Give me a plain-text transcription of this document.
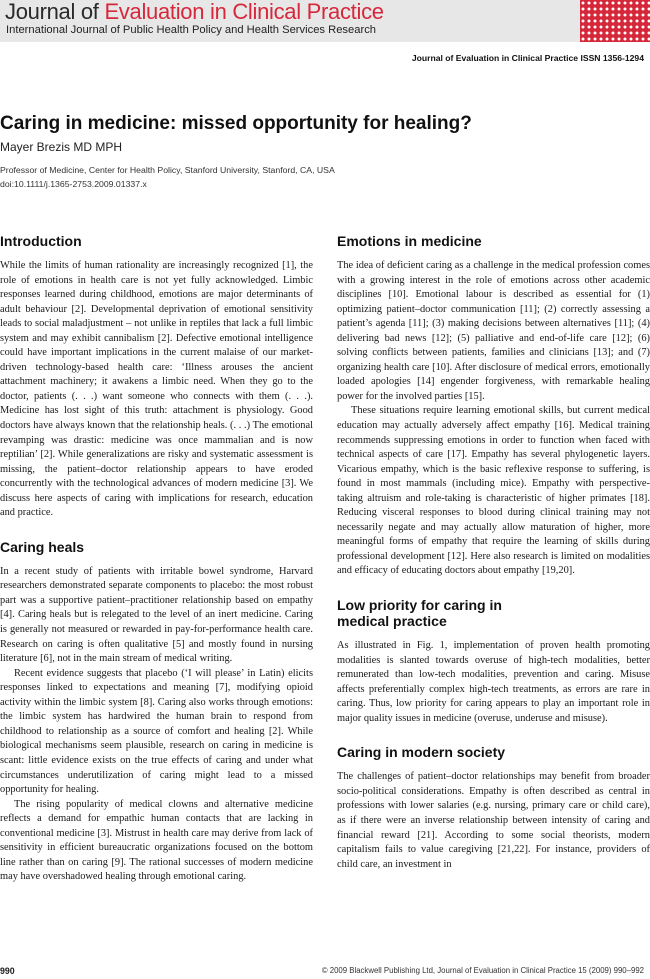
Journal of Evaluation in Clinical Practice
International Journal of Public Health Policy and Health Services Research
Journal of Evaluation in Clinical Practice ISSN 1356-1294
Caring in medicine: missed opportunity for healing?
Mayer Brezis MD MPH
Professor of Medicine, Center for Health Policy, Stanford University, Stanford, CA, USA
doi:10.1111/j.1365-2753.2009.01337.x
Introduction

While the limits of human rationality are increasingly recognized [1], the role of emotions in health care is not yet fully acknowledged. Limbic responses learned during childhood, emotions are major determinants of adult behaviour [2]. Developmental deprivation of emotional sensitivity leads to social maladjustment – not unlike in reptiles that lack a full limbic system and may exhibit cannibalism [2]. Defective emotional intelligence could have important implications in the current malaise of our market-driven technology-based health care: ‘Illness arouses the ancient attachment machinery; it awakens a limbic need. When they go to the doctor, patients (. . .) want someone who connects with them (. . .). Medicine has lost sight of this truth: attachment is physiology. Good doctors have always known that the relationship heals. (. . .) The emotional revamping was drastic: medicine was once mammalian and is now reptilian’ [2]. While generalizations are risky and systematic assessment is missing, the patient–doctor relationship appears to have eroded concurrently with the technological advances of modern medicine [3]. We discuss here aspects of caring with implications for research, education and practice.

Caring heals

In a recent study of patients with irritable bowel syndrome, Harvard researchers demonstrated separate components to placebo: the most robust part was a supportive patient–practitioner relationship based on empathy [4]. Caring heals but is relegated to the level of an inert medicine. Caring is generally not measured or rewarded in pay-for-performance health care. Research on caring is often qualitative [5] and mostly found in nursing literature [6], not in the main stream of medical writing.

Recent evidence suggests that placebo (‘I will please’ in Latin) elicits responses linked to expectations and meaning [7], modifying opioid activity within the limbic system [8]. Caring also works through emotions: the limbic system has hardwired the human brain to respond from childhood to relationship as a source of comfort and healing [2]. While biological mechanisms seem plausible, research on caring in medicine is scant: little evidence exists on the true effects of caring and under what circumstances underutilization of caring might lead to a missed opportunity for healing.

The rising popularity of medical clowns and alternative medicine reflects a demand for empathic human contacts that are lacking in conventional medicine [3]. Mistrust in health care may derive from lack of sensitivity in efficient bureaucratic organizations focused on the bottom line rather than on caring [9]. The rational successes of modern medicine may have overshadowed healing through emotional caring.

Emotions in medicine

The idea of deficient caring as a challenge in the medical profession comes with a growing interest in the role of emotions across other academic disciplines [10]. Emotional labour is described as essential for (1) optimizing patient–doctor communication [11]; (2) correctly assessing a patient’s agenda [11]; (3) making decisions between alternatives [11]; (4) delivering bad news [12]; (5) palliative and end-of-life care [12]; (6) solving conflicts between patients, families and clinicians [13]; and (7) organizing health care [10]. After disclosure of medical errors, emotionally loaded apologies [14] engender forgiveness, with remarkable healing power for the involved parties [15].

These situations require learning emotional skills, but current medical education may actually adversely affect empathy [16]. Medical training recommends suppressing emotions in order to function when faced with technical aspects of care [17]. Empathy has several phylogenetic layers. Vicarious empathy, which is the basic reflexive response to suffering, is found in most mammals (including mice). Empathy with perspective-taking altruism and role-taking is characteristic of higher primates [18]. Reducing visceral responses to blood during clinical training may not necessarily negate and may actually allow maturation of higher, more meaningful forms of empathy that require the learning of skills during professional development [12]. Here also research is limited on modalities and efficacy of educating doctors about empathy [19,20].

Low priority for caring in
medical practice

As illustrated in Fig. 1, implementation of proven health promoting modalities is slanted towards overuse of high-tech modalities, better remunerated than low-tech modalities, prevention and caring. Misuse affects preferentially complex high-tech treatments, as errors are rare in caring. Thus, low priority for caring appears to play an important role in major quality issues in medicine (overuse, underuse and misuse).

Caring in modern society

The challenges of patient–doctor relationships may benefit from broader socio-political considerations. Empathy is often described as central in professions with lower salaries (e.g. nursing, primary care or child care), as if there were an inverse relationship between intensity of caring and financial reward [21]. According to some social theorists, modern capitalism fails to value caregiving [21,22]. For instance, providers of child care, an investment in

990	© 2009 Blackwell Publishing Ltd, Journal of Evaluation in Clinical Practice 15 (2009) 990–992
